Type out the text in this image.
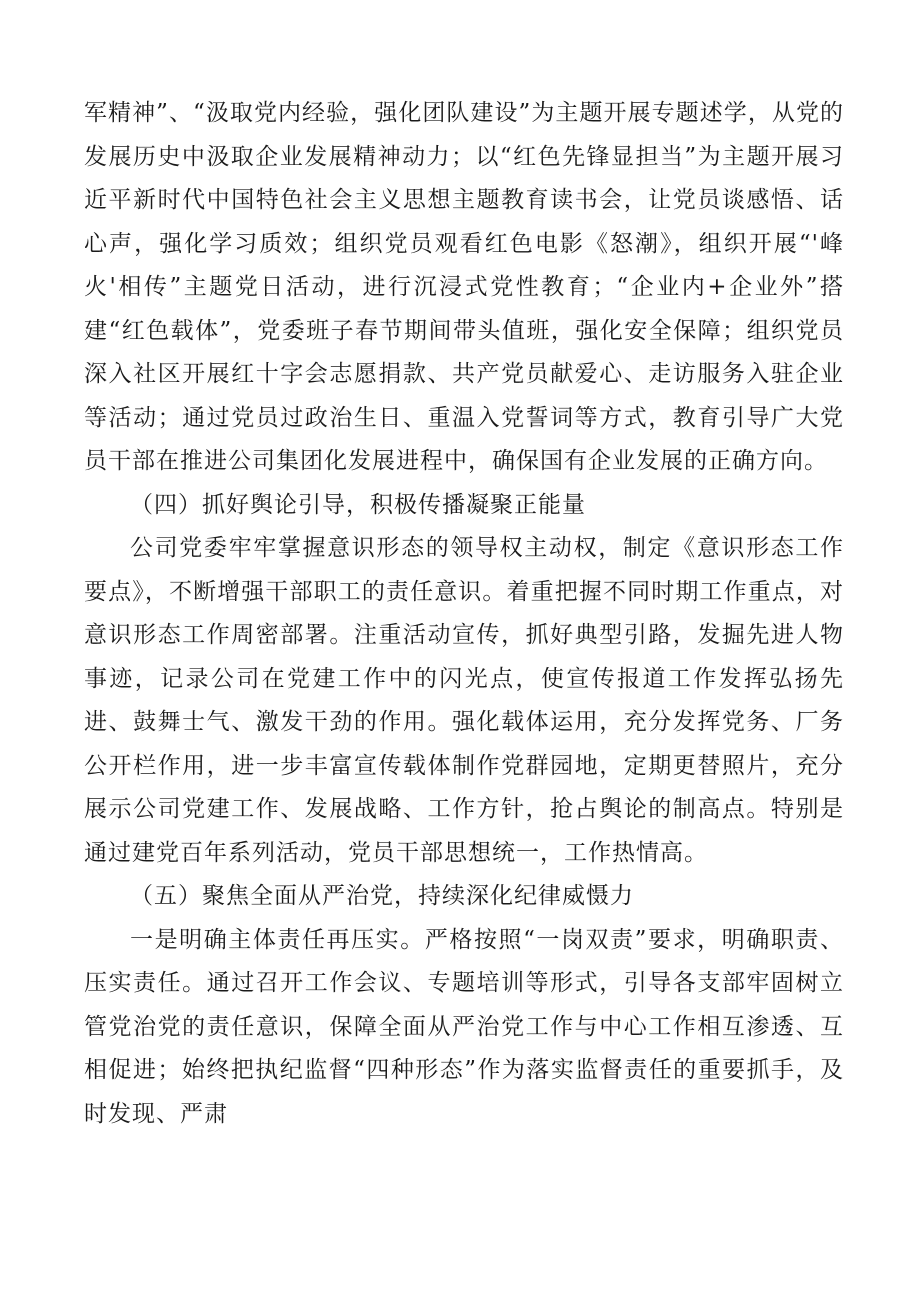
军精神”、“汲取党内经验，强化团队建设”为主题开展专题述学，从党的发展历史中汲取企业发展精神动力；以“红色先锋显担当”为主题开展习近平新时代中国特色社会主义思想主题教育读书会，让党员谈感悟、话心声，强化学习质效；组织党员观看红色电影《怒潮》，组织开展“'峰火'相传”主题党日活动，进行沉浸式党性教育；“企业内+企业外”搭建“红色载体”，党委班子春节期间带头值班，强化安全保障；组织党员深入社区开展红十字会志愿捐款、共产党员献爱心、走访服务入驻企业等活动；通过党员过政治生日、重温入党誓词等方式，教育引导广大党员干部在推进公司集团化发展进程中，确保国有企业发展的正确方向。

（四）抓好舆论引导，积极传播凝聚正能量

公司党委牢牢掌握意识形态的领导权主动权，制定《意识形态工作要点》，不断增强干部职工的责任意识。着重把握不同时期工作重点，对意识形态工作周密部署。注重活动宣传，抓好典型引路，发掘先进人物事迹，记录公司在党建工作中的闪光点，使宣传报道工作发挥弘扬先进、鼓舞士气、激发干劲的作用。强化载体运用，充分发挥党务、厂务公开栏作用，进一步丰富宣传载体制作党群园地，定期更替照片，充分展示公司党建工作、发展战略、工作方针，抢占舆论的制高点。特别是通过建党百年系列活动，党员干部思想统一，工作热情高。

（五）聚焦全面从严治党，持续深化纪律威慑力

一是明确主体责任再压实。严格按照“一岗双责”要求，明确职责、压实责任。通过召开工作会议、专题培训等形式，引导各支部牢固树立管党治党的责任意识，保障全面从严治党工作与中心工作相互渗透、互相促进；始终把执纪监督“四种形态”作为落实监督责任的重要抓手，及时发现、严肃
